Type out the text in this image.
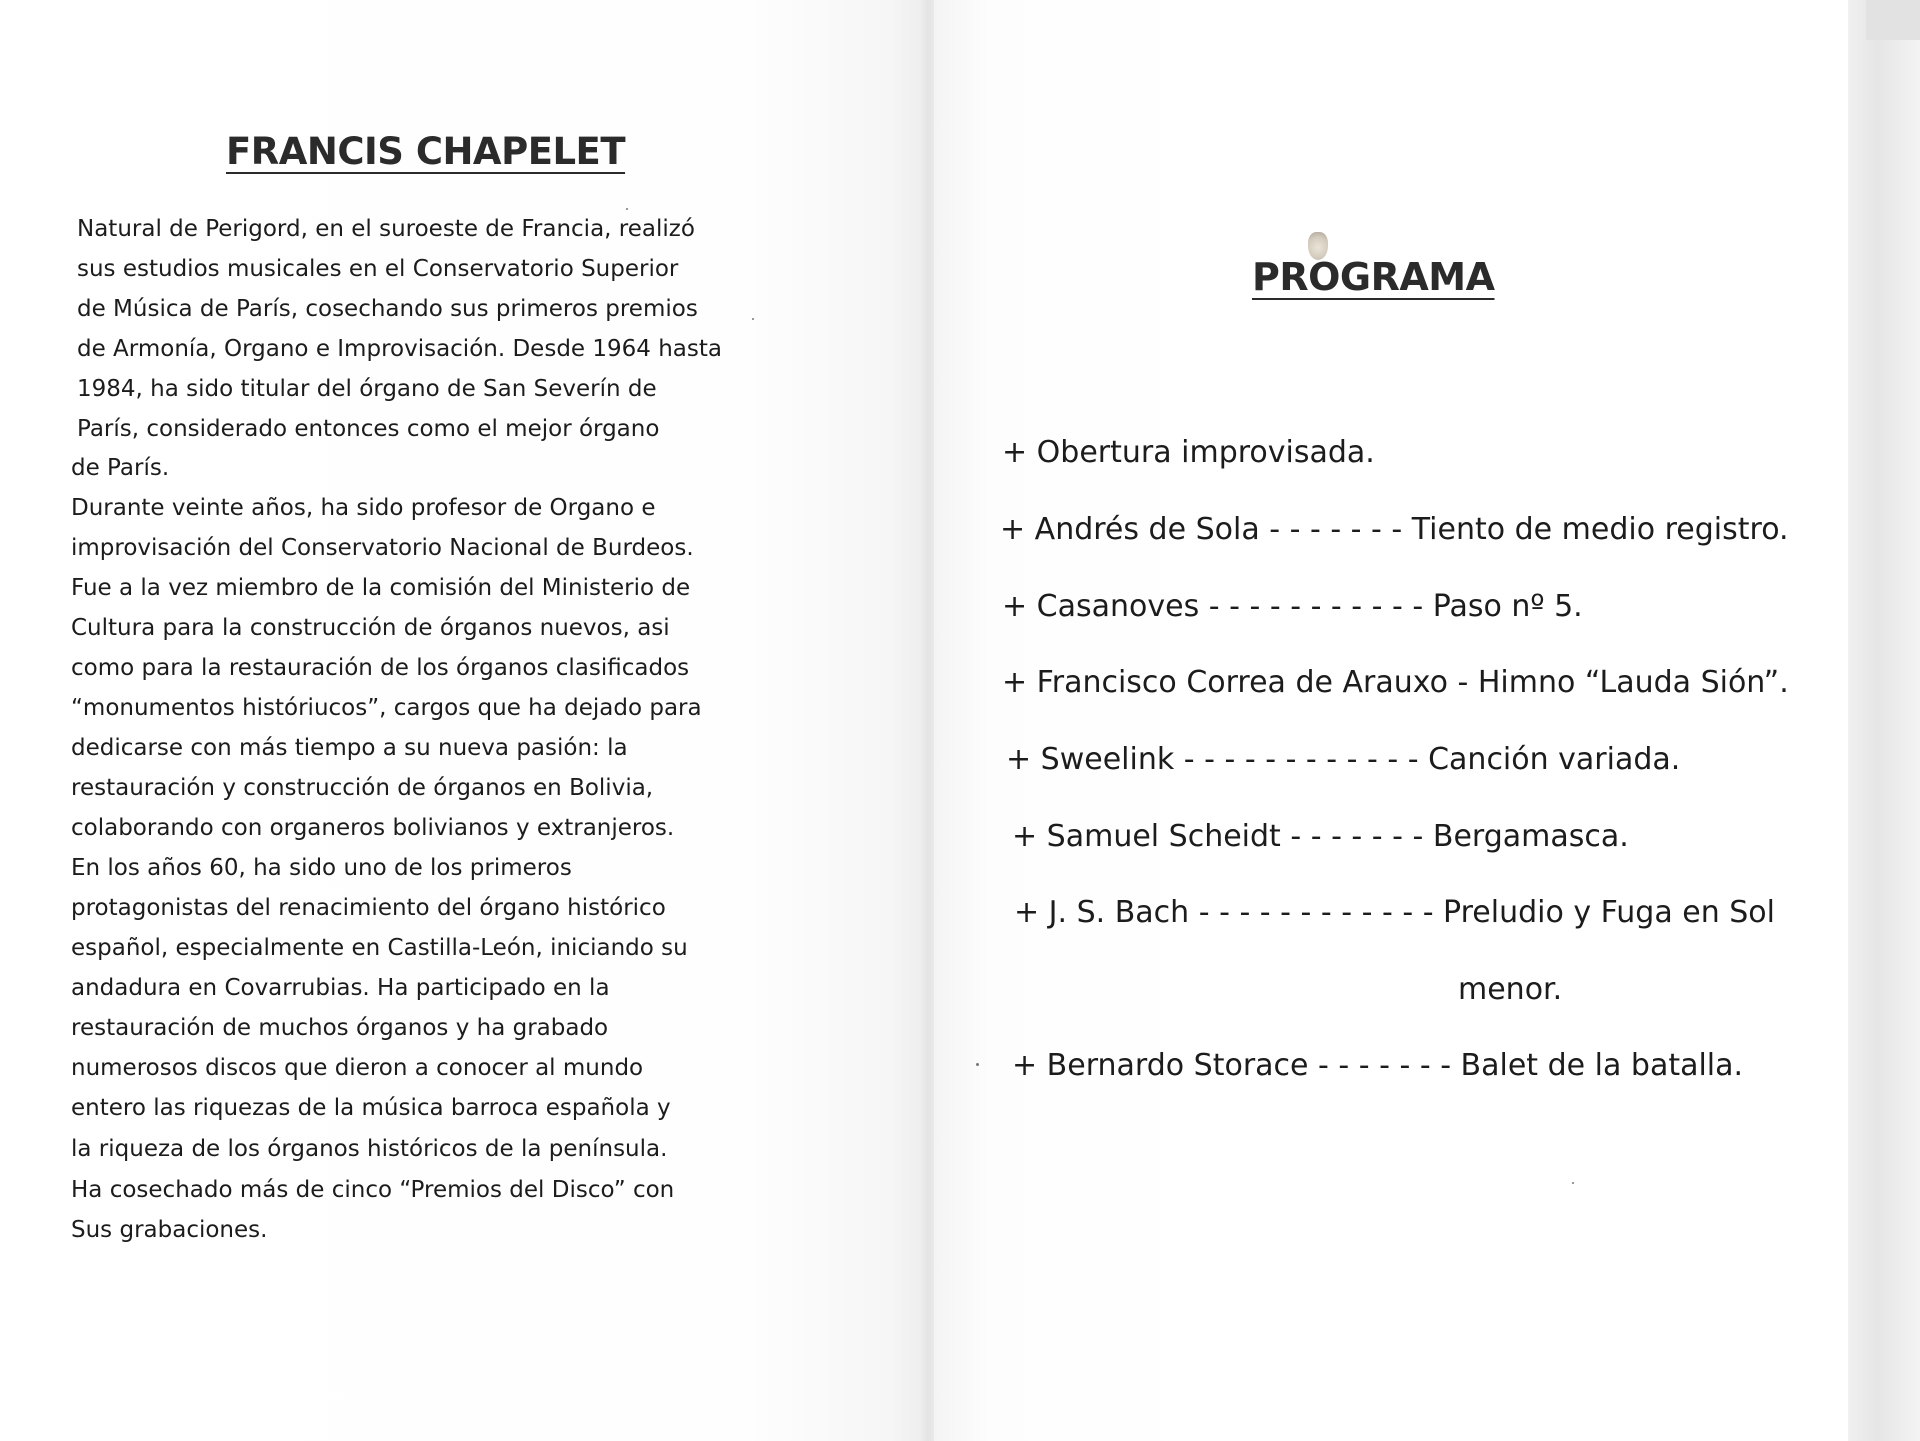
FRANCIS CHAPELET
Natural de Perigord, en el suroeste de Francia, realizó
sus estudios musicales en el Conservatorio Superior
de Música de París, cosechando sus primeros premios
de Armonía, Organo e Improvisación. Desde 1964 hasta
1984, ha sido titular del órgano de San Severín de
París, considerado entonces como el mejor órgano
de París.
Durante veinte años, ha sido profesor de Organo e
improvisación del Conservatorio Nacional de Burdeos.
Fue a la vez miembro de la comisión del Ministerio de
Cultura para la construcción de órganos nuevos, asi
como para la restauración de los órganos clasificados
“monumentos histórіucos”, cargos que ha dejado para
dedicarse con más tiempo a su nueva pasión: la
restauración y construcción de órganos en Bolivia,
colaborando con organeros bolivianos y extranjeros.
En los años 60, ha sido uno de los primeros
protagonistas del renacimiento del órgano histórico
español, especialmente en Castilla-León, iniciando su
andadura en Covarrubias. Ha participado en la
restauración de muchos órganos y ha grabado
numerosos discos que dieron a conocer al mundo
entero las riquezas de la música barroca española y
la riqueza de los órganos históricos de la península.
Ha cosechado más de cinco “Premios del Disco” con
Sus grabaciones.
PROGRAMA
+ Obertura improvisada.
+ Andrés de Sola - - - - - - - Tiento de medio registro.
+ Casanoves - - - - - - - - - - - Paso nº 5.
+ Francisco Correa de Arauxo - Himno “Lauda Sión”.
+ Sweelink - - - - - - - - - - - - Canción variada.
+ Samuel Scheidt - - - - - - - Bergamasca.
+ J. S. Bach - - - - - - - - - - - - Preludio y Fuga en Sol
menor.
+ Bernardo Storace - - - - - - - Balet de la batalla.
